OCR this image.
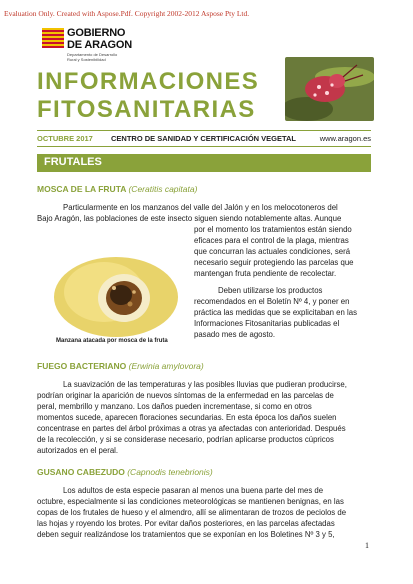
Evaluation Only. Created with Aspose.Pdf. Copyright 2002-2012 Aspose Pty Ltd.
GOBIERNO
DE ARAGON
Departamento de Desarrollo Rural y Sostenibilidad
INFORMACIONES
FITOSANITARIAS
OCTUBRE 2017 CENTRO DE SANIDAD Y CERTIFICACIÓN VEGETAL	www.aragon.es
FRUTALES
MOSCA DE LA FRUTA (Ceratitis capitata)
Particularmente en los manzanos del valle del Jalón y en los melocotoneros del
Bajo Aragón, las poblaciones de este insecto siguen siendo notablemente altas. Aunque
por el momento los tratamientos están siendo
eficaces para el control de la plaga, mientras
que concurran las actuales condiciones, será
necesario seguir protegiendo las parcelas que
mantengan fruta pendiente de recolectar.
Deben utilizarse los productos
recomendados en el Boletín Nº 4, y poner en
práctica las medidas que se explicitaban en las
Informaciones Fitosanitarias publicadas el
pasado mes de agosto.
Manzana atacada por mosca de la fruta
FUEGO BACTERIANO (Erwinia amylovora)
La suavización de las temperaturas y las posibles lluvias que pudieran producirse,
podrían originar la aparición de nuevos síntomas de la enfermedad en las parcelas de
peral, membrillo y manzano. Los daños pueden incrementase, si como en otros
momentos sucede, aparecen floraciones secundarias. En esta época los daños suelen
concentrase en partes del árbol próximas a otras ya afectadas con anterioridad. Después
de la recolección, y si se considerase necesario, podrían aplicarse productos cúpricos
autorizados en el peral.
GUSANO CABEZUDO (Capnodis tenebrionis)
Los adultos de esta especie pasaran al menos una buena parte del mes de
octubre, especialmente si las condiciones meteorológicas se mantienen benignas, en las
copas de los frutales de hueso y el almendro, allí se alimentaran de trozos de peciolos de
las hojas y royendo los brotes. Por evitar daños posteriores, en las parcelas afectadas
deben seguir realizándose los tratamientos que se exponían en los Boletines Nº 3 y 5,
1
